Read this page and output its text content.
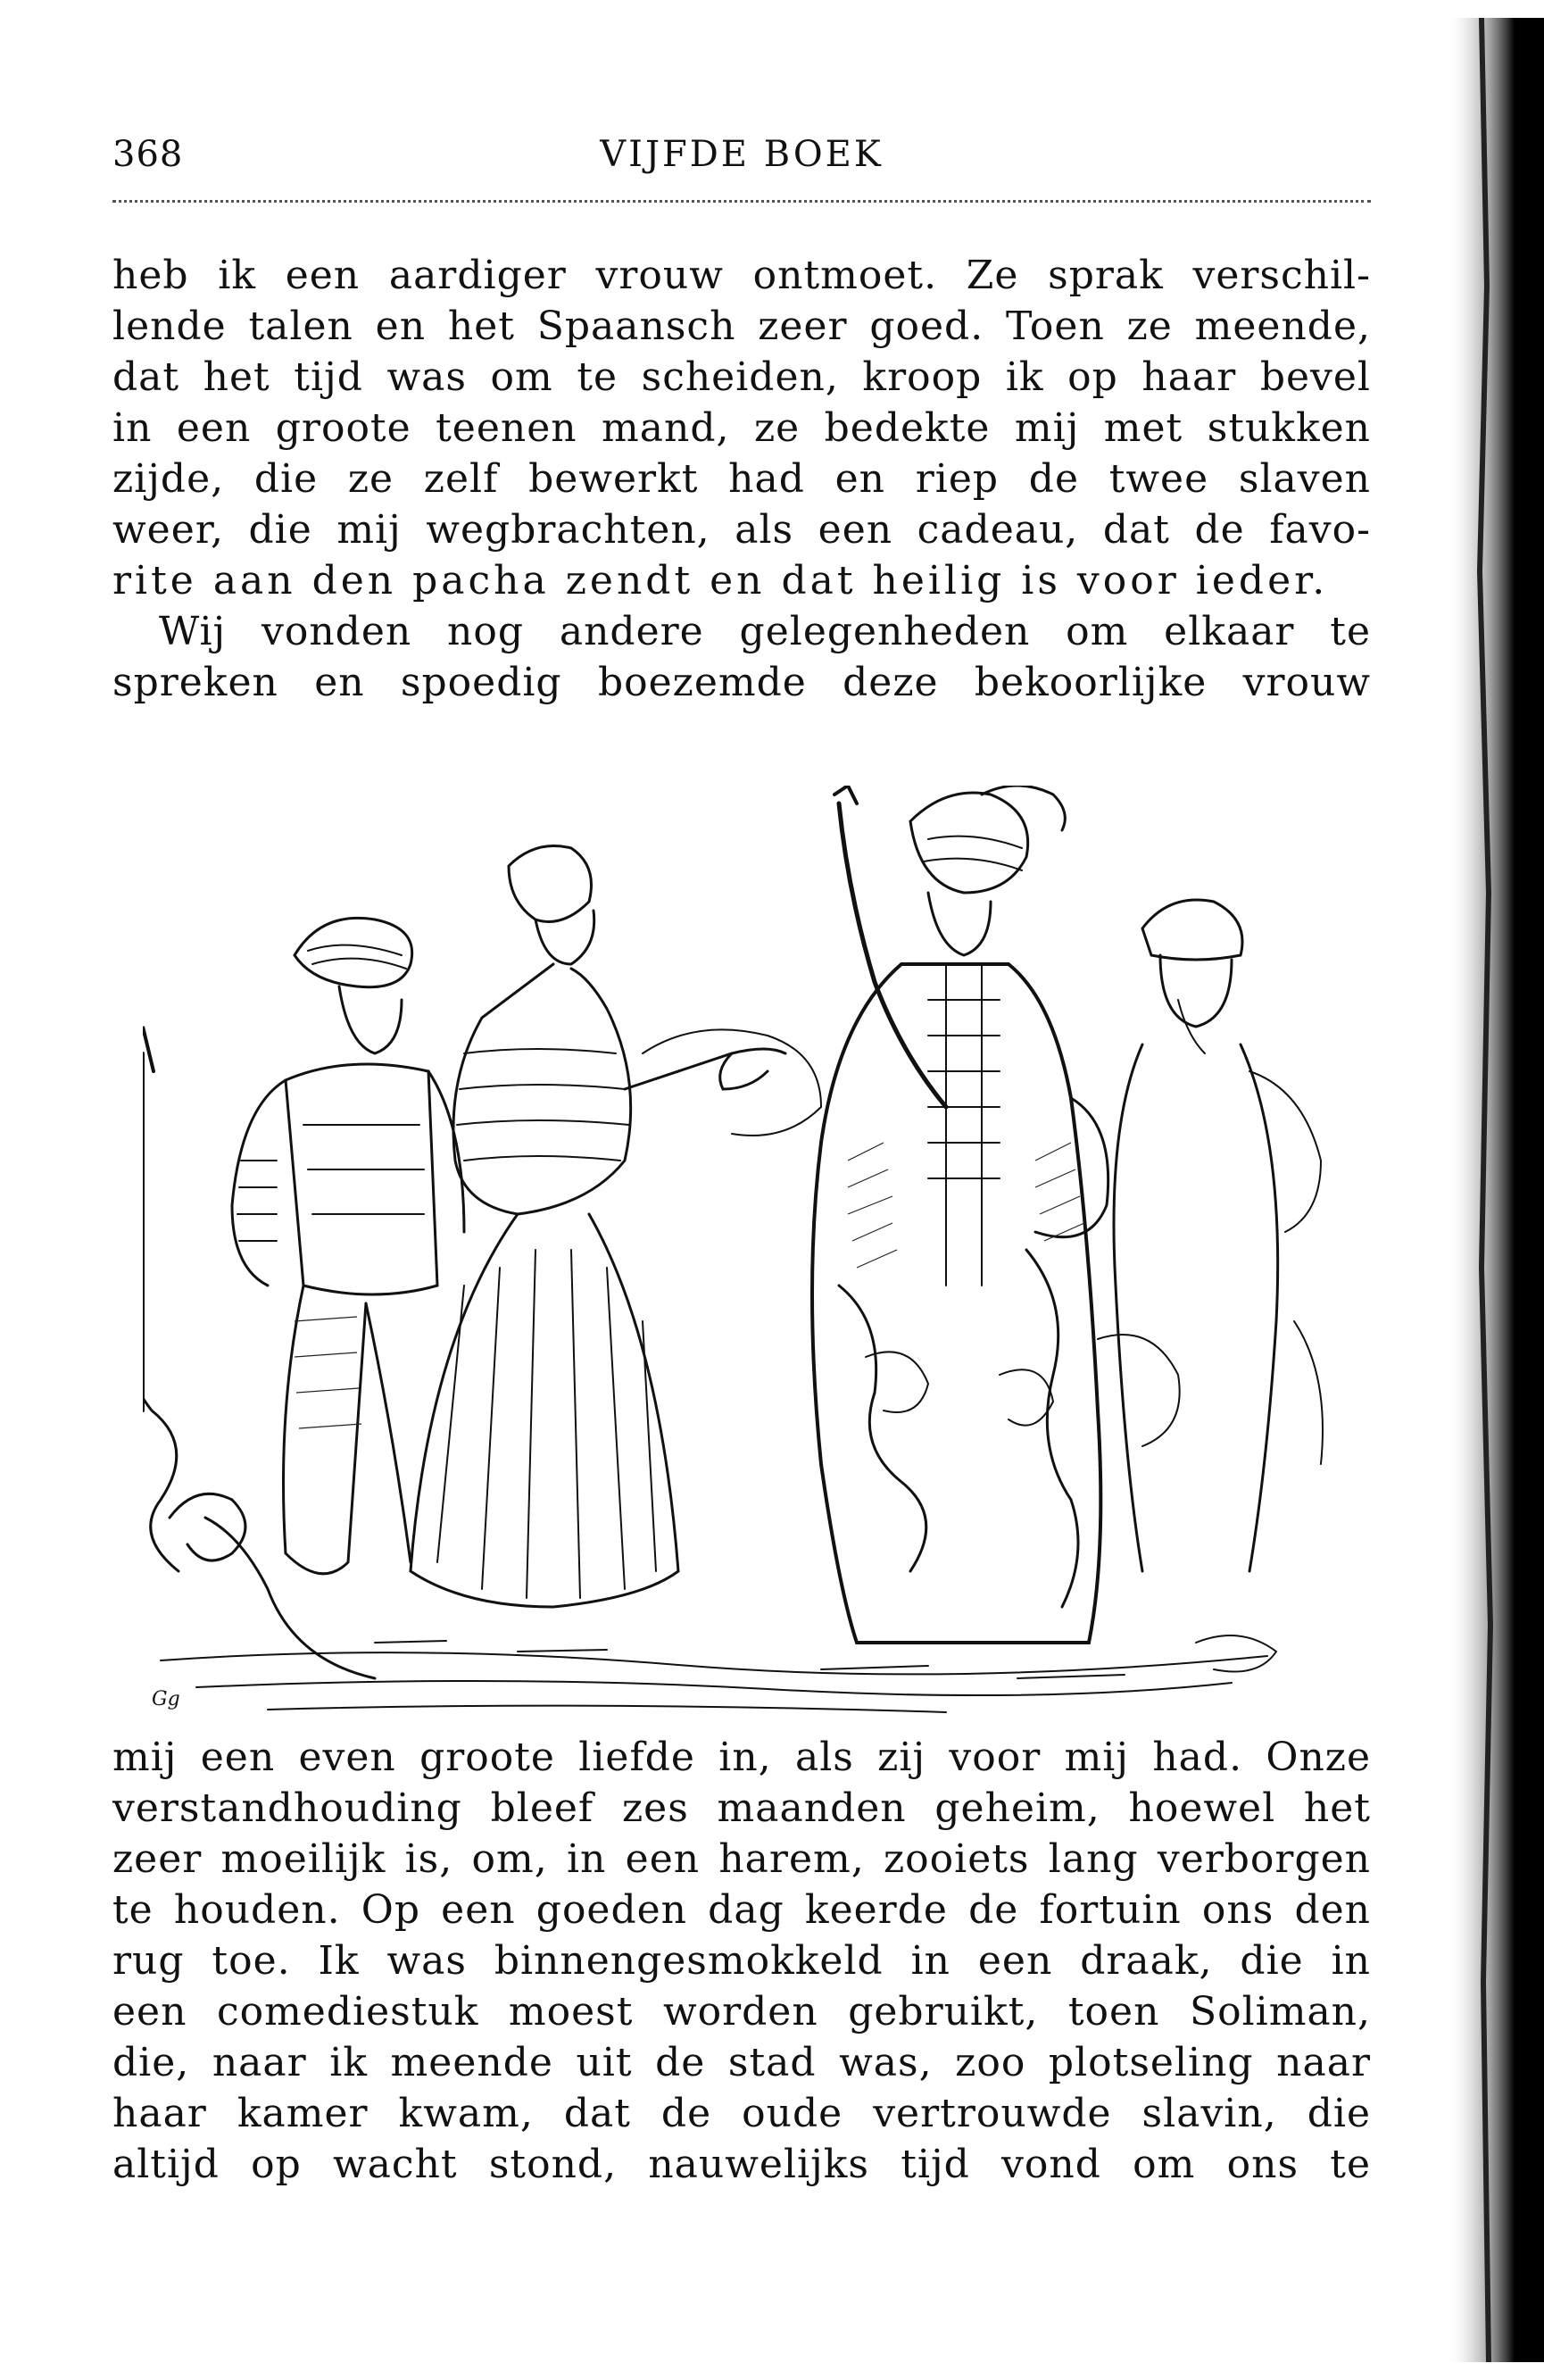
368	VIJFDE BOEK
heb ik een aardiger vrouw ontmoet. Ze sprak verschil-
lende talen en het Spaansch zeer goed. Toen ze meende,
dat het tijd was om te scheiden, kroop ik op haar bevel
in een groote teenen mand, ze bedekte mij met stukken
zijde, die ze zelf bewerkt had en riep de twee slaven
weer, die mij wegbrachten, als een cadeau, dat de favo-
rite aan den pacha zendt en dat heilig is voor ieder.
Wij vonden nog andere gelegenheden om elkaar te
spreken en spoedig boezemde deze bekoorlijke vrouw
Gg
mij een even groote liefde in, als zij voor mij had. Onze
verstandhouding bleef zes maanden geheim, hoewel het
zeer moeilijk is, om, in een harem, zooiets lang verborgen
te houden. Op een goeden dag keerde de fortuin ons den
rug toe. Ik was binnengesmokkeld in een draak, die in
een comediestuk moest worden gebruikt, toen Soliman,
die, naar ik meende uit de stad was, zoo plotseling naar
haar kamer kwam, dat de oude vertrouwde slavin, die
altijd op wacht stond, nauwelijks tijd vond om ons te
